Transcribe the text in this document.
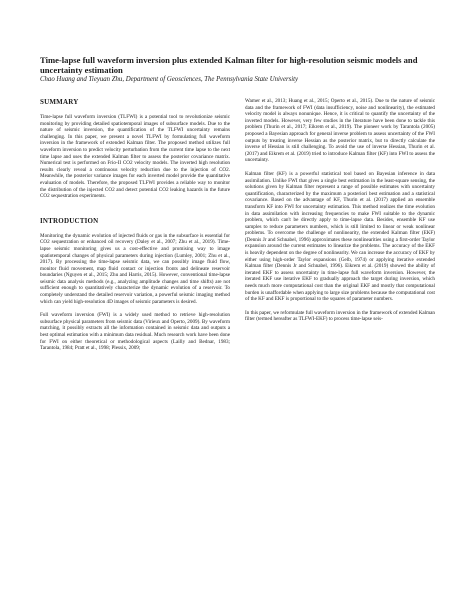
Time-lapse full waveform inversion plus extended Kalman filter for high-resolution seismic models and uncertainty estimation
Chao Huang and Tieyuan Zhu, Department of Geosciences, The Pennsylvania State University
SUMMARY

Time-lapse full waveform inversion (TLFWI) is a potential tool to revolutionize seismic monitoring by providing detailed spatiotemporal images of subsurface models. Due to the nature of seismic inversion, the quantification of the TLFWI uncertainty remains challenging. In this paper, we present a novel TLFWI by formulating full waveform inversion in the framework of extended Kalman filter. The proposed method utilizes full waveform inversion to predict velocity perturbation from the current time lapse to the next time lapse and uses the extended Kalman filter to assess the posterior covariance matrix. Numerical test is performed on Frio-II CO2 velocity models. The inverted high resolution results clearly reveal a continuous velocity reduction due to the injection of CO2. Meanwhile, the posterior variance images for each inverted model provide the quantitative evaluation of models. Therefore, the proposed TLFWI provides a reliable way to monitor the distribution of the injected CO2 and detect potential CO2 leaking hazards in the future CO2 sequestration experiments.

INTRODUCTION

Monitoring the dynamic evolution of injected fluids or gas in the subsurface is essential for CO2 sequestration or enhanced oil recovery (Daley et al., 2007; Zhu et al., 2019). Time-lapse seismic monitoring gives us a cost-effective and promising way to image spatiotemporal changes of physical parameters during injection (Lumley, 2001; Zhu et al., 2017). By processing the time-lapse seismic data, we can possibly image fluid flow, monitor fluid movement, map fluid contact or injection fronts and delineate reservoir boundaries (Nguyen et al., 2015; Zhu and Harris, 2015). However, conventional time-lapse seismic data analysis methods (e.g., analyzing amplitude changes and time shifts) are not sufficient enough to quantitatively characterize the dynamic evolution of a reservoir. To completely understand the detailed reservoir variation, a powerful seismic imaging method which can yield high-resolution 4D images of seismic parameters is desired.

Full waveform inversion (FWI) is a widely used method to retrieve high-resolution subsurface physical parameters from seismic data (Virieux and Operto, 2009). By waveform matching, it possibly extracts all the information contained in seismic data and outputs a best optimal estimation with a minimum data residual. Much research work have been done for FWI on either theoretical or methodological aspects (Lailly and Bednar, 1983; Tarantola, 1984; Pratt et al., 1998; Plessix, 2009;

Warner et al., 2013; Huang et al., 2015; Operto et al., 2015). Due to the nature of seismic data and the framework of FWI (data insufficiency, noise and nonlinearity), the estimated velocity model is always nonunique. Hence, it is critical to quantify the uncertainty of the inverted models. However, very few studies in the literature have been done to tackle this problem (Thurin et al., 2017; Eikrem et al., 2019). The pioneer work by Tarantola (2005) proposed a Bayesian approach for general inverse problem to assess uncertainty of the FWI outputs by treating inverse Hessian as the posterior matrix, but to directly calculate the inverse of Hessian is still challenging. To avoid the use of inverse Hessian, Thurin et al. (2017) and Eikrem et al. (2019) tried to introduce Kalman filter (KF) into FWI to assess the uncertainty.

Kalman filter (KF) is a powerful statistical tool based on Bayesian inference in data assimilation. Unlike FWI that gives a single best estimation in the least-square sensing, the solutions given by Kalman filter represent a range of possible estimates with uncertainty quantification, characterized by the maximum a posteriori best estimation and a statistical covariance. Based on the advantage of KF, Thurin et al. (2017) applied an ensemble transform KF into FWI for uncertainty estimation. This method realizes the time evolution in data assimilation with increasing frequencies to make FWI suitable to the dynamic problem, which can't be directly apply to time-lapse data. Besides, ensemble KF use samples to reduce parameters numbers, which is still limited to linear or weak nonlinear problems. To overcome the challenge of nonlinearity, the extended Kalman filter (EKF) (Dennis Jr and Schnabel, 1996) approximates these nonlinearities using a first-order Taylor expansion around the current estimates to linearize the problems. The accuracy of the EKF is heavily dependent on the degree of nonlinearity. We can increase the accuracy of EKF by either using high-order Taylor expansions (Gelb, 1974) or applying iterative extended Kalman filter (Dennis Jr and Schnabel, 1996). Eikrem et al. (2019) showed the ability of iterated EKF to assess uncertainty in time-lapse full waveform inversion. However, the iterated EKF use iterative EKF to gradually approach the target during inversion, which needs much more computational cost than the original EKF and mostly that computational burden is unaffordable when applying to large size problems because the computational cost of the KF and EKF is proportional to the squares of parameter numbers.

In this paper, we reformulate full waveform inversion in the framework of extended Kalman filter (termed hereafter as TLFWI-EKF) to process time-lapse seis-
